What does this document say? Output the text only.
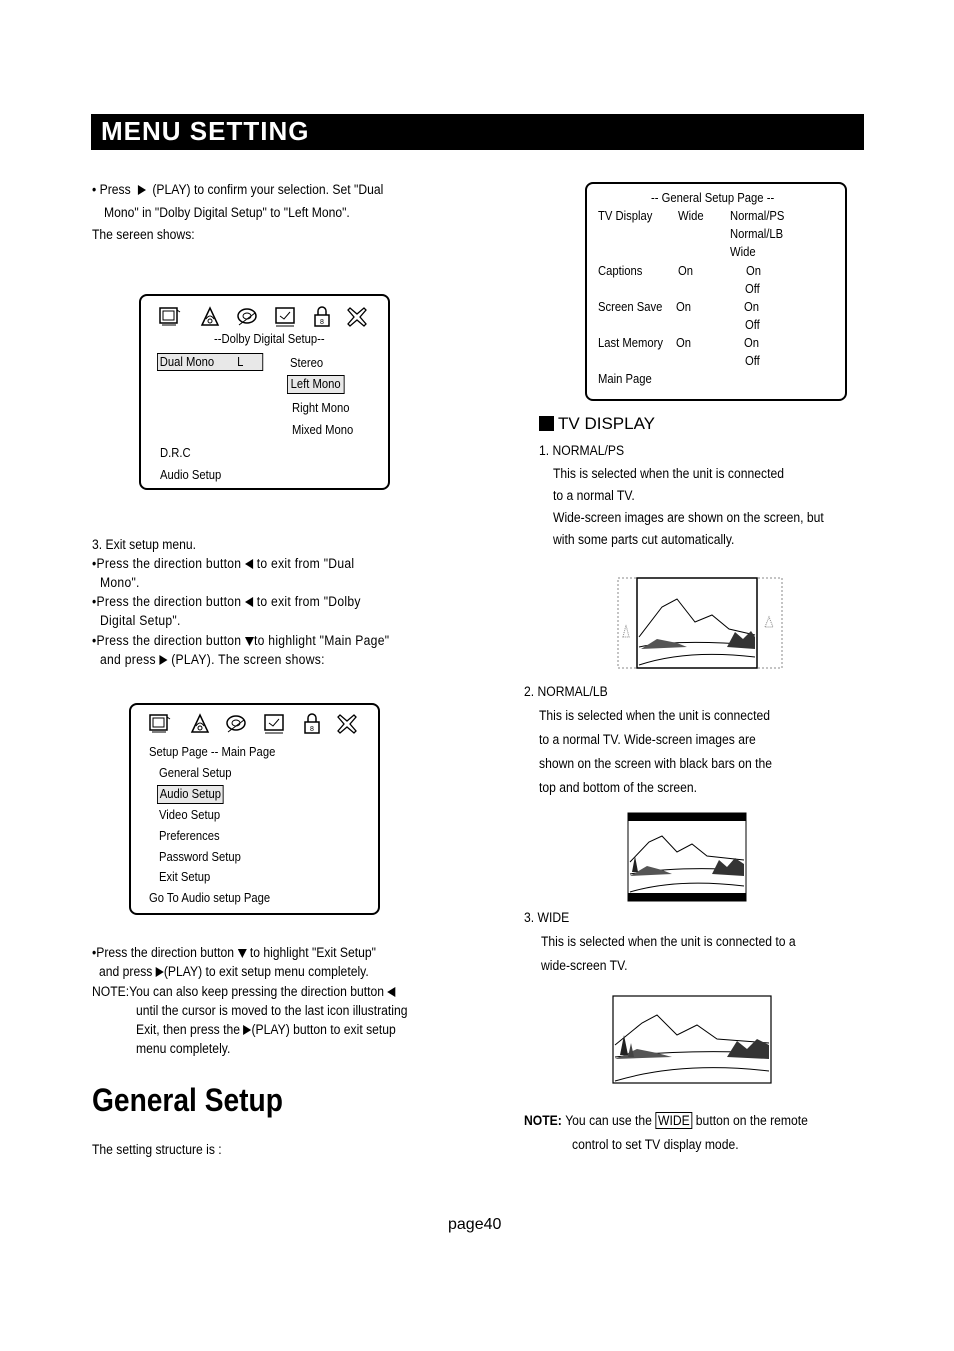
MENU SETTING
• Press (PLAY) to confirm your selection. Set "Dual
Mono" in "Dolby Digital Setup" to "Left Mono".
The sereen shows:
8
--Dolby Digital Setup--
Dual Mono L	Stereo
Left Mono
Right Mono
Mixed Mono
D.R.C
Audio Setup
3. Exit setup menu.
•Press the direction button to exit from "Dual
Mono".
•Press the direction button to exit from "Dolby
Digital Setup".
•Press the direction button to highlight "Main Page"
and press (PLAY). The screen shows:
8
Setup Page -- Main Page
General Setup
Audio Setup
Video Setup
Preferences
Password Setup
Exit Setup
Go To Audio setup Page
•Press the direction button to highlight "Exit Setup"
and press (PLAY) to exit setup menu completely.
NOTE:You can also keep pressing the direction button
until the cursor is moved to the last icon illustrating
Exit, then press the (PLAY) button to exit setup
menu completely.
General Setup
The setting structure is :
-- General Setup Page --
TV Display Wide Normal/PS
Normal/LB
Wide
Captions	On	On
Off
Screen Save On	On
Off
Last Memory On	On
Off
Main Page
TV DISPLAY
1. NORMAL/PS
This is selected when the unit is connected
to a normal TV.
Wide-screen images are shown on the screen, but
with some parts cut automatically.
2. NORMAL/LB
This is selected when the unit is connected
to a normal TV. Wide-screen images are
shown on the screen with black bars on the
top and bottom of the screen.
3. WIDE
This is selected when the unit is connected to a
wide-screen TV.
NOTE: You can use the WIDE button on the remote
control to set TV display mode.
page40
